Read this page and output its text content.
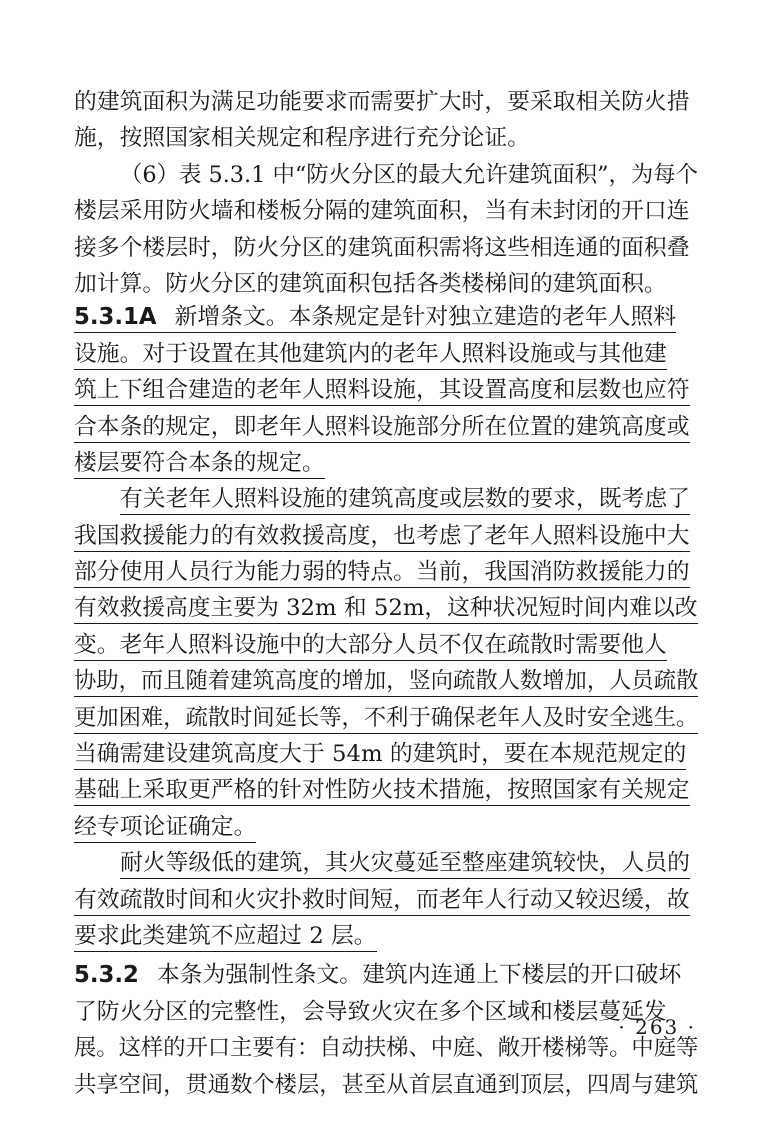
的建筑面积为满足功能要求而需要扩大时，要采取相关防火措
施，按照国家相关规定和程序进行充分论证。
（6）表 5.3.1 中“防火分区的最大允许建筑面积”，为每个
楼层采用防火墙和楼板分隔的建筑面积，当有未封闭的开口连
接多个楼层时，防火分区的建筑面积需将这些相连通的面积叠
加计算。防火分区的建筑面积包括各类楼梯间的建筑面积。
5.3.1A 新增条文。本条规定是针对独立建造的老年人照料
设施。对于设置在其他建筑内的老年人照料设施或与其他建
筑上下组合建造的老年人照料设施，其设置高度和层数也应符
合本条的规定，即老年人照料设施部分所在位置的建筑高度或
楼层要符合本条的规定。
有关老年人照料设施的建筑高度或层数的要求，既考虑了
我国救援能力的有效救援高度，也考虑了老年人照料设施中大
部分使用人员行为能力弱的特点。当前，我国消防救援能力的
有效救援高度主要为 32m 和 52m，这种状况短时间内难以改
变。老年人照料设施中的大部分人员不仅在疏散时需要他人
协助，而且随着建筑高度的增加，竖向疏散人数增加，人员疏散
更加困难，疏散时间延长等，不利于确保老年人及时安全逃生。
当确需建设建筑高度大于 54m 的建筑时，要在本规范规定的
基础上采取更严格的针对性防火技术措施，按照国家有关规定
经专项论证确定。
耐火等级低的建筑，其火灾蔓延至整座建筑较快，人员的
有效疏散时间和火灾扑救时间短，而老年人行动又较迟缓，故
要求此类建筑不应超过 2 层。
5.3.2 本条为强制性条文。建筑内连通上下楼层的开口破坏
了防火分区的完整性，会导致火灾在多个区域和楼层蔓延发
展。这样的开口主要有：自动扶梯、中庭、敞开楼梯等。中庭等
共享空间，贯通数个楼层，甚至从首层直通到顶层，四周与建筑
· 263 ·
